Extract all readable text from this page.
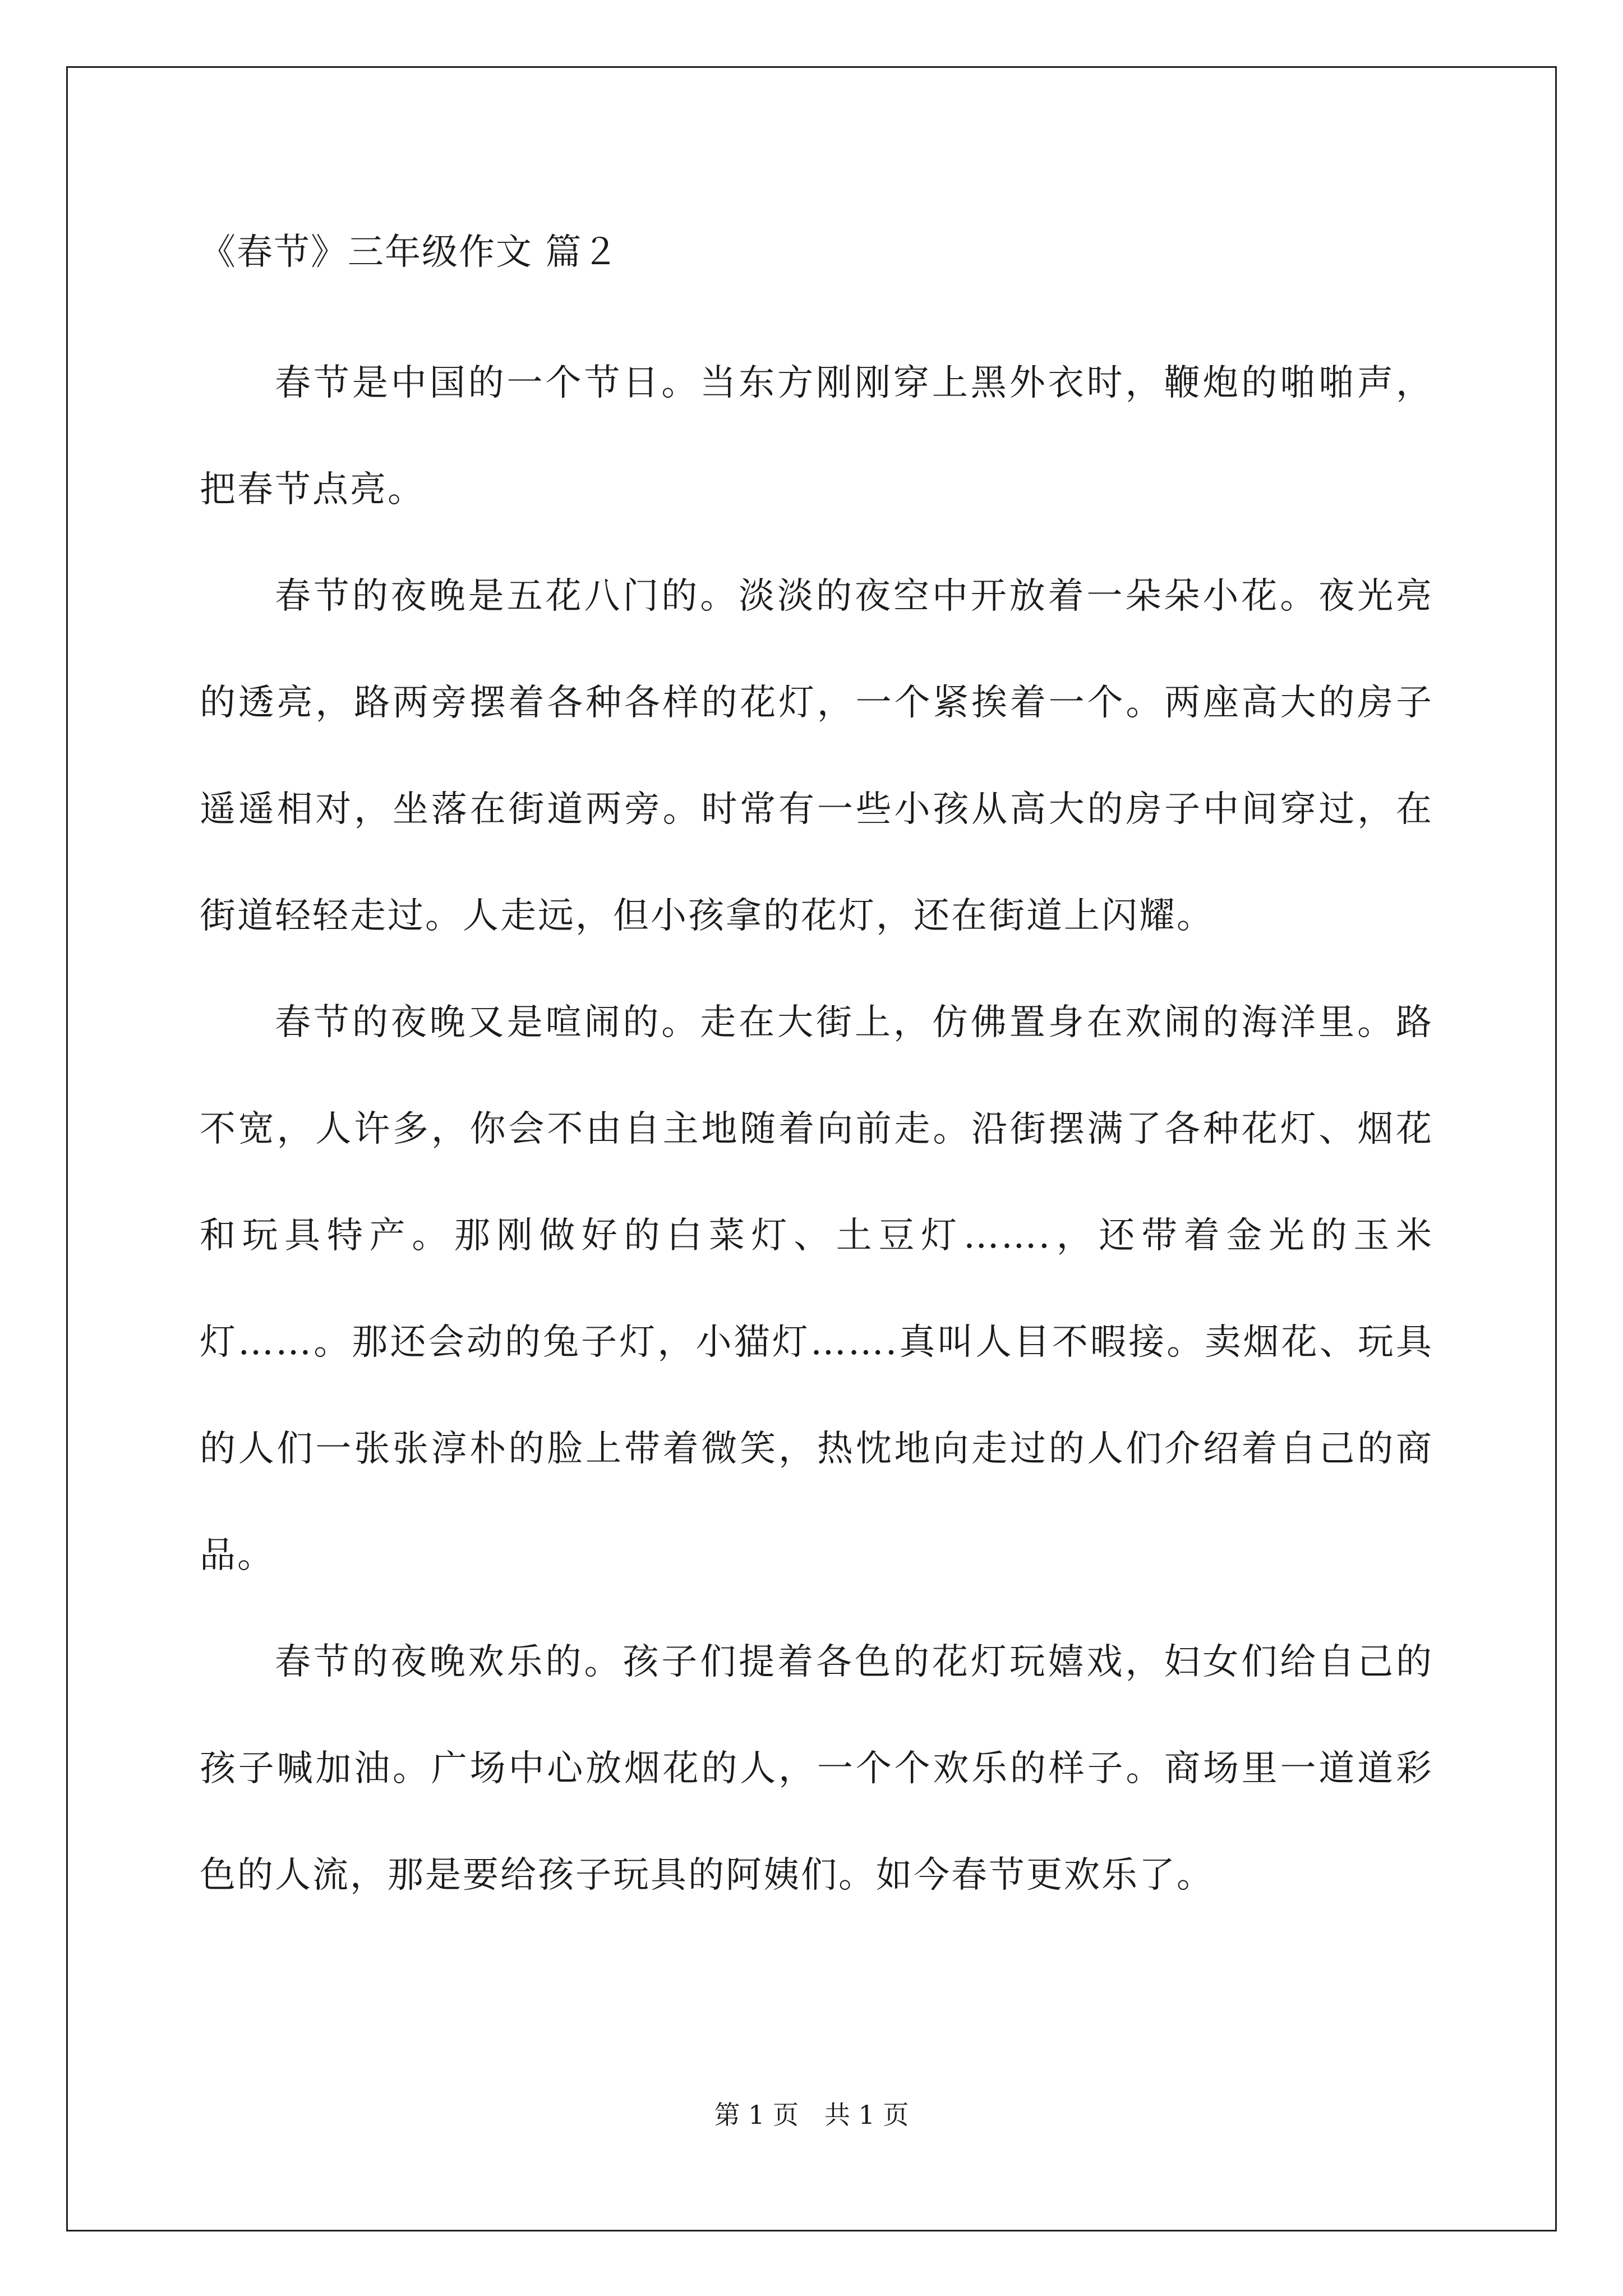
《春节》三年级作文 篇２

春节是中国的一个节日。当东方刚刚穿上黑外衣时，鞭炮的啪啪声，把春节点亮。

春节的夜晚是五花八门的。淡淡的夜空中开放着一朵朵小花。夜光亮的透亮，路两旁摆着各种各样的花灯，一个紧挨着一个。两座高大的房子遥遥相对，坐落在街道两旁。时常有一些小孩从高大的房子中间穿过，在街道轻轻走过。人走远，但小孩拿的花灯，还在街道上闪耀。

春节的夜晚又是喧闹的。走在大街上，仿佛置身在欢闹的海洋里。路不宽，人许多，你会不由自主地随着向前走。沿街摆满了各种花灯、烟花和玩具特产。那刚做好的白菜灯、土豆灯…….，还带着金光的玉米灯……。那还会动的兔子灯，小猫灯…….真叫人目不暇接。卖烟花、玩具的人们一张张淳朴的脸上带着微笑，热忱地向走过的人们介绍着自己的商品。

春节的夜晚欢乐的。孩子们提着各色的花灯玩嬉戏，妇女们给自己的孩子喊加油。广场中心放烟花的人，一个个欢乐的样子。商场里一道道彩色的人流，那是要给孩子玩具的阿姨们。如今春节更欢乐了。

第 1 页　共 1 页
